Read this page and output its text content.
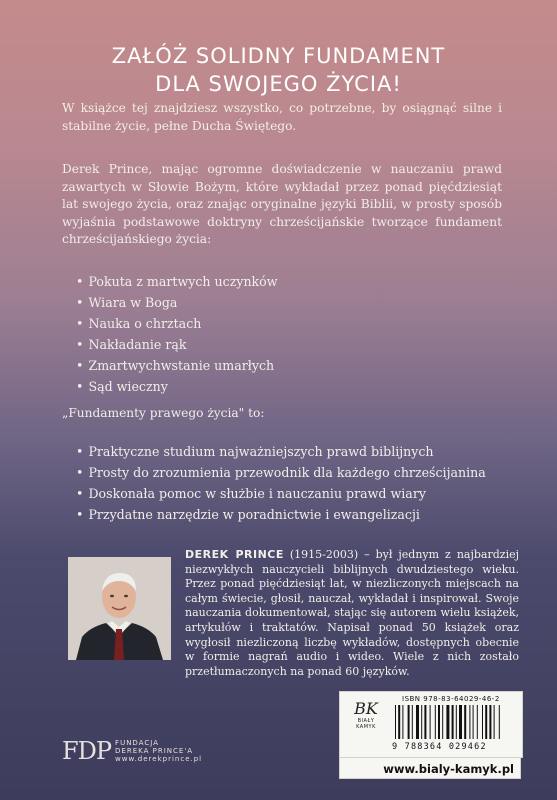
ZAŁÓŻ SOLIDNY FUNDAMENT
DLA SWOJEGO ŻYCIA!
W książce tej znajdziesz wszystko, co potrzebne, by osiągnąć silne i stabilne życie, pełne Ducha Świętego.
Derek Prince, mając ogromne doświadczenie w nauczaniu prawd zawartych w Słowie Bożym, które wykładał przez ponad pięćdziesiąt lat swojego życia, oraz znając oryginalne języki Biblii, w prosty sposób wyjaśnia podstawowe doktryny chrześcijańskie tworzące fundament chrześcijańskiego życia:
• Pokuta z martwych uczynków
• Wiara w Boga
• Nauka o chrztach
• Nakładanie rąk
• Zmartwychwstanie umarłych
• Sąd wieczny
„Fundamenty prawego życia" to:
• Praktyczne studium najważniejszych prawd biblijnych
• Prosty do zrozumienia przewodnik dla każdego chrześcijanina
• Doskonała pomoc w służbie i nauczaniu prawd wiary
• Przydatne narzędzie w poradnictwie i ewangelizacji
DEREK PRINCE (1915-2003) – był jednym z najbardziej niezwykłych nauczycieli biblijnych dwudziestego wieku. Przez ponad pięćdziesiąt lat, w niezliczonych miejscach na całym świecie, głosił, nauczał, wykładał i inspirował. Swoje nauczania dokumentował, stając się autorem wielu książek, artykułów i traktatów. Napisał ponad 50 książek oraz wygłosił niezliczoną liczbę wykładów, dostępnych obecnie w formie nagrań audio i wideo. Wiele z nich zostało przetłumaczonych na ponad 60 języków.
FDP FUNDACJA
DEREKA PRINCE'A
www.derekprince.pl
BK
BIAŁY
KAMYK
ISBN 978-83-64029-46-2
9 788364 029462
www.bialy-kamyk.pl
